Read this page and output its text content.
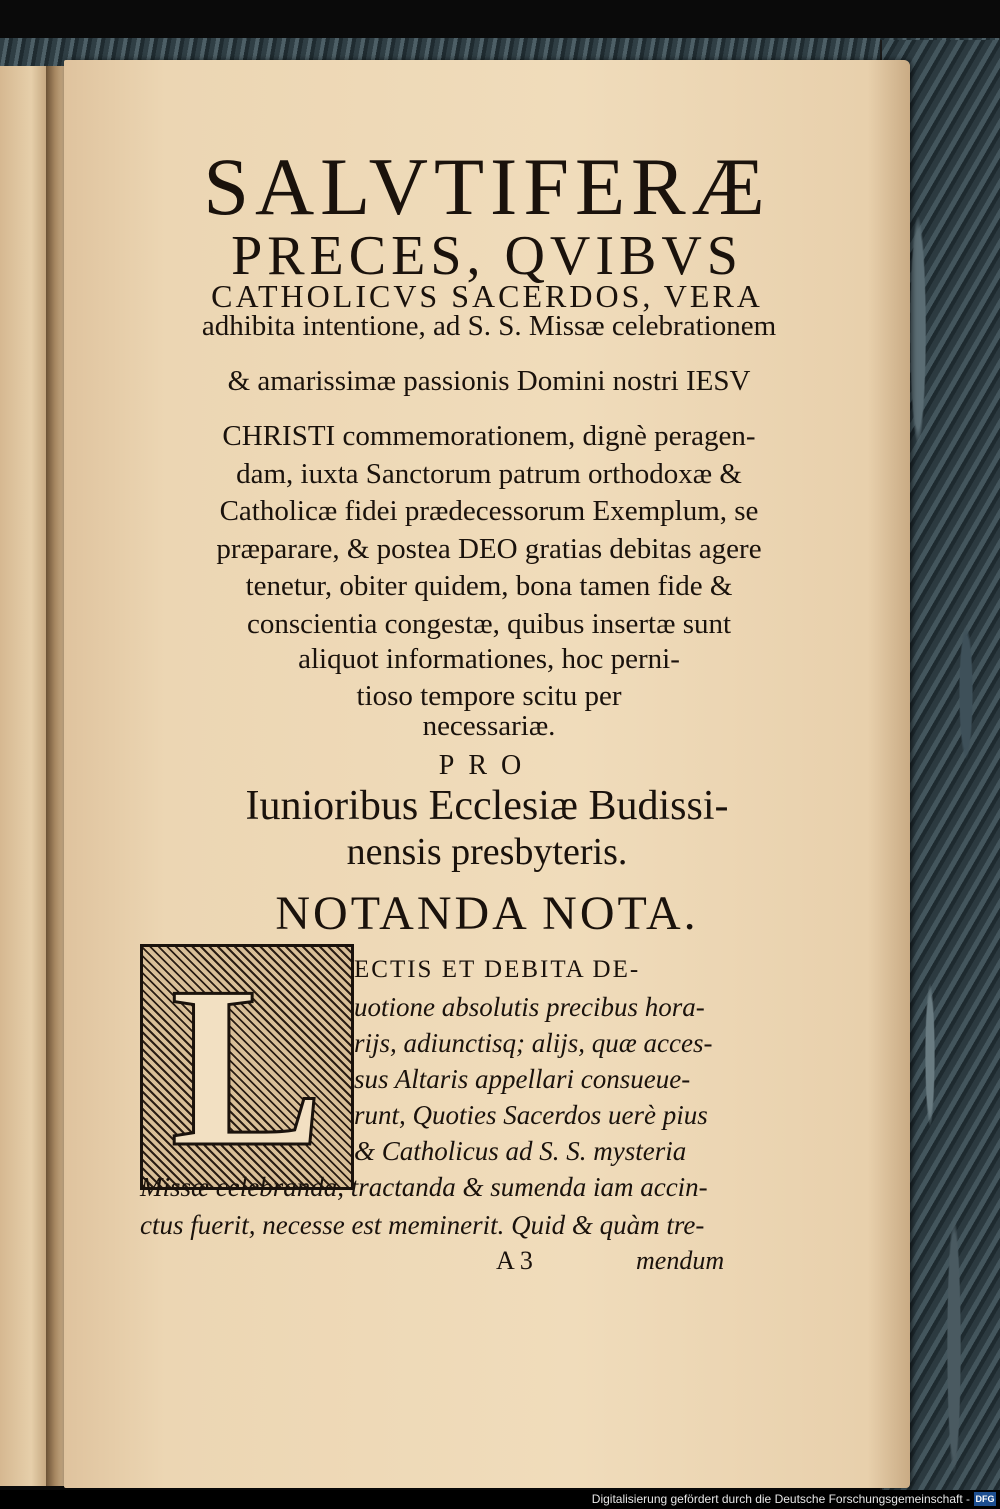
SALVTIFERÆ
PRECES, QVIBVS
CATHOLICVS SACERDOS, VERA
adhibita intentione, ad S. S. Missæ celebrationem
& amarissimæ passionis Domini nostri IESV
CHRISTI commemorationem, dignè peragen-
dam, iuxta Sanctorum patrum orthodoxæ &
Catholicæ fidei prædecessorum Exemplum, se
præparare, & postea DEO gratias debitas agere
tenetur, obiter quidem, bona tamen fide &
conscientia congestæ, quibus insertæ sunt
aliquot informationes, hoc perni-
tioso tempore scitu per
necessariæ.
PRO
Iunioribus Ecclesiæ Budissi-
nensis presbyteris.
NOTANDA NOTA.
L	ECTIS ET DEBITA DE-
uotione absolutis precibus hora-
rijs, adiunctisq; alijs, quæ acces-
sus Altaris appellari consueue-
runt, Quoties Sacerdos uerè pius
& Catholicus ad S. S. mysteria
Missæ celebranda, tractanda & sumenda iam accin-
ctus fuerit, necesse est meminerit. Quid & quàm tre-
A 3	mendum
Digitalisierung gefördert durch die Deutsche Forschungsgemeinschaft - DFG
